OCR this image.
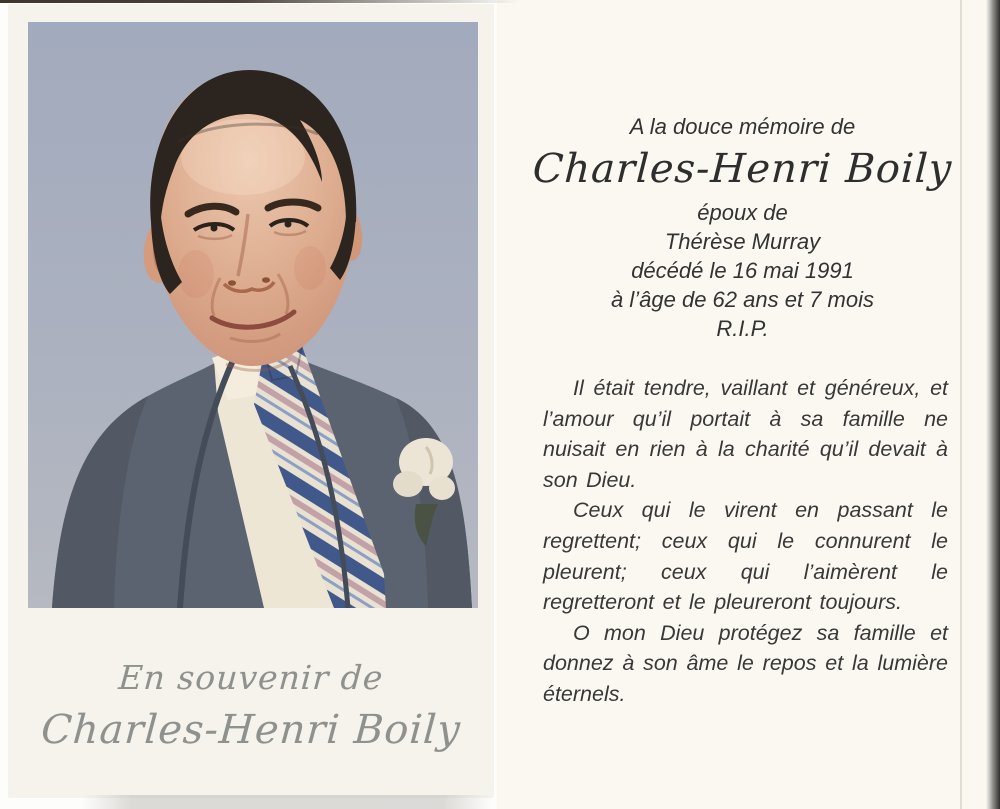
En souvenir de
Charles-Henri Boily
A la douce mémoire de
Charles-Henri Boily
époux de
Thérèse Murray
décédé le 16 mai 1991
à l’âge de 62 ans et 7 mois
R.I.P.

Il était tendre, vaillant et généreux, et l’amour qu’il portait à sa famille ne nuisait en rien à la charité qu’il devait à son Dieu.

Ceux qui le virent en passant le regrettent; ceux qui le connurent le pleurent; ceux qui l’aimèrent le regretteront et le pleureront toujours.

O mon Dieu protégez sa famille et donnez à son âme le repos et la lumière éternels.
